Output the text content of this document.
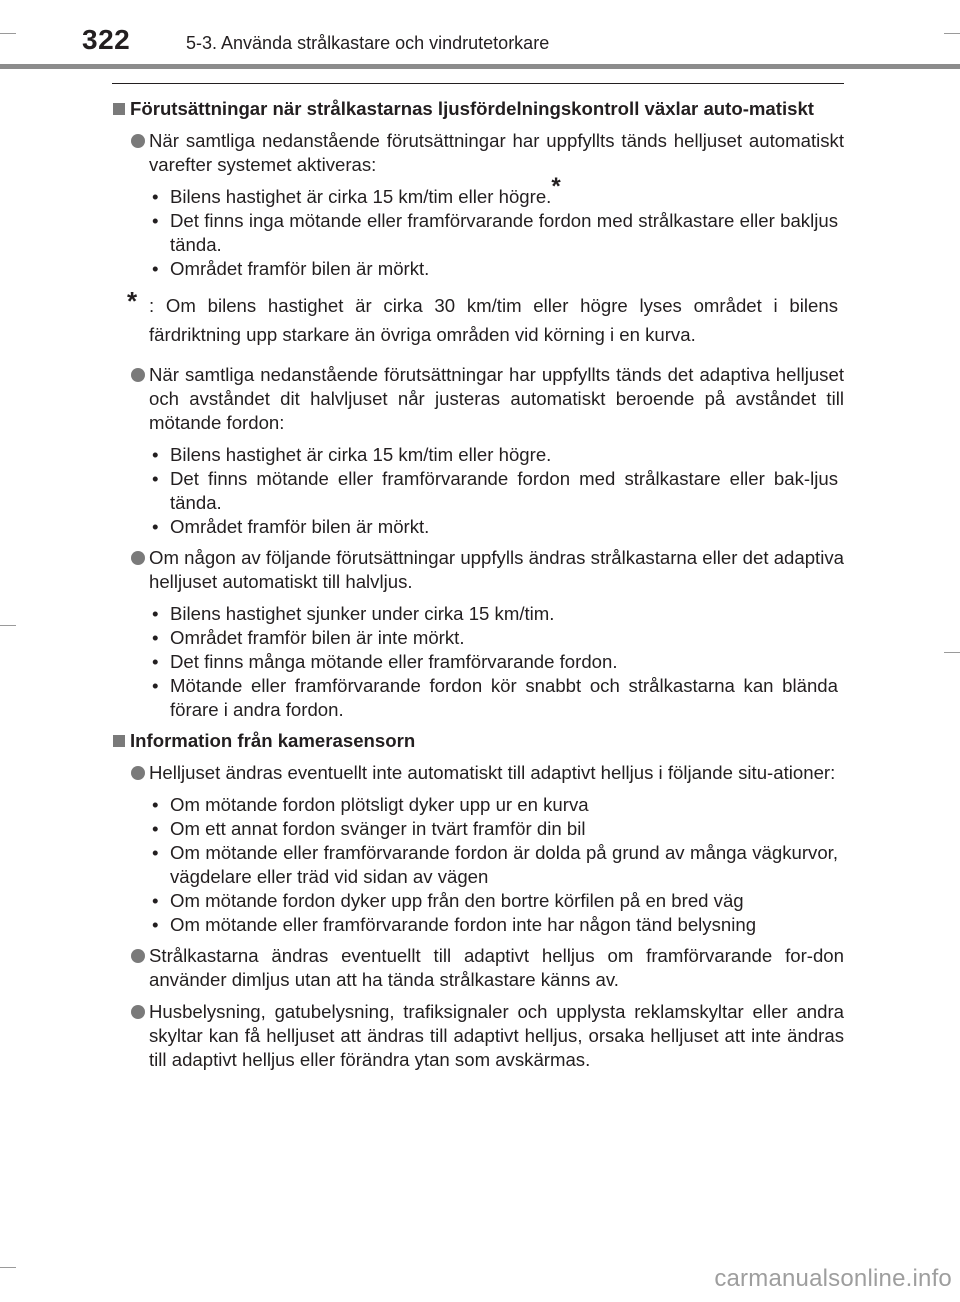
322	5-3. Använda strålkastare och vindrutetorkare
Förutsättningar när strålkastarnas ljusfördelningskontroll växlar auto-matiskt
När samtliga nedanstående förutsättningar har uppfyllts tänds helljuset automatiskt varefter systemet aktiveras:
• Bilens hastighet är cirka 15 km/tim eller högre.*
• Det finns inga mötande eller framförvarande fordon med strålkastare eller bakljus tända.
• Området framför bilen är mörkt.
* : Om bilens hastighet är cirka 30 km/tim eller högre lyses området i bilens färdriktning upp starkare än övriga områden vid körning i en kurva.
När samtliga nedanstående förutsättningar har uppfyllts tänds det adaptiva helljuset och avståndet dit halvljuset når justeras automatiskt beroende på avståndet till mötande fordon:
• Bilens hastighet är cirka 15 km/tim eller högre.
• Det finns mötande eller framförvarande fordon med strålkastare eller bak-ljus tända.
• Området framför bilen är mörkt.
Om någon av följande förutsättningar uppfylls ändras strålkastarna eller det adaptiva helljuset automatiskt till halvljus.
• Bilens hastighet sjunker under cirka 15 km/tim.
• Området framför bilen är inte mörkt.
• Det finns många mötande eller framförvarande fordon.
• Mötande eller framförvarande fordon kör snabbt och strålkastarna kan blända förare i andra fordon.
Information från kamerasensorn
Helljuset ändras eventuellt inte automatiskt till adaptivt helljus i följande situ-ationer:
• Om mötande fordon plötsligt dyker upp ur en kurva
• Om ett annat fordon svänger in tvärt framför din bil
• Om mötande eller framförvarande fordon är dolda på grund av många vägkurvor, vägdelare eller träd vid sidan av vägen
• Om mötande fordon dyker upp från den bortre körfilen på en bred väg
• Om mötande eller framförvarande fordon inte har någon tänd belysning
Strålkastarna ändras eventuellt till adaptivt helljus om framförvarande for-don använder dimljus utan att ha tända strålkastare känns av.
Husbelysning, gatubelysning, trafiksignaler och upplysta reklamskyltar eller andra skyltar kan få helljuset att ändras till adaptivt helljus, orsaka helljuset att inte ändras till adaptivt helljus eller förändra ytan som avskärmas.
carmanualsonline.info
